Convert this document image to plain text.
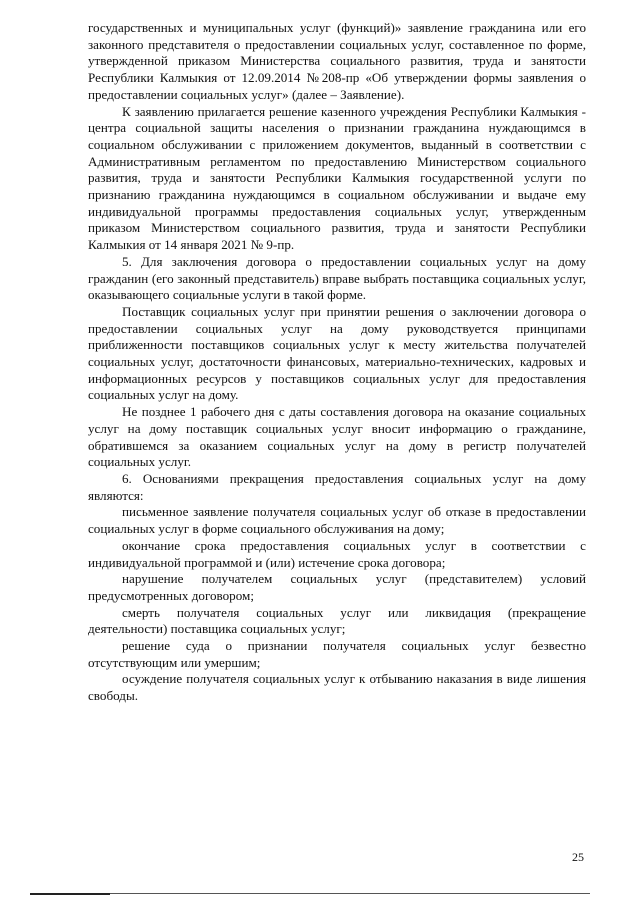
государственных и муниципальных услуг (функций)» заявление гражданина или его законного представителя о предоставлении социальных услуг, составленное по форме, утвержденной приказом Министерства социального развития, труда и занятости Республики Калмыкия от 12.09.2014 №208-пр «Об утверждении формы заявления о предоставлении социальных услуг» (далее – Заявление).

К заявлению прилагается решение казенного учреждения Республики Калмыкия - центра социальной защиты населения о признании гражданина нуждающимся в социальном обслуживании с приложением документов, выданный в соответствии с Административным регламентом по предоставлению Министерством социального развития, труда и занятости Республики Калмыкия государственной услуги по признанию гражданина нуждающимся в социальном обслуживании и выдаче ему индивидуальной программы предоставления социальных услуг, утвержденным приказом Министерством социального развития, труда и занятости Республики Калмыкия от 14 января 2021 № 9-пр.

5. Для заключения договора о предоставлении социальных услуг на дому гражданин (его законный представитель) вправе выбрать поставщика социальных услуг, оказывающего социальные услуги в такой форме.

Поставщик социальных услуг при принятии решения о заключении договора о предоставлении социальных услуг на дому руководствуется принципами приближенности поставщиков социальных услуг к месту жительства получателей социальных услуг, достаточности финансовых, материально-технических, кадровых и информационных ресурсов у поставщиков социальных услуг для предоставления социальных услуг на дому.

Не позднее 1 рабочего дня с даты составления договора на оказание социальных услуг на дому поставщик социальных услуг вносит информацию о гражданине, обратившемся за оказанием социальных услуг на дому в регистр получателей социальных услуг.

6. Основаниями прекращения предоставления социальных услуг на дому являются:

письменное заявление получателя социальных услуг об отказе в предоставлении социальных услуг в форме социального обслуживания на дому;

окончание срока предоставления социальных услуг в соответствии с индивидуальной программой и (или) истечение срока договора;

нарушение получателем социальных услуг (представителем) условий предусмотренных договором;

смерть получателя социальных услуг или ликвидация (прекращение деятельности) поставщика социальных услуг;

решение суда о признании получателя социальных услуг безвестно отсутствующим или умершим;

осуждение получателя социальных услуг к отбыванию наказания в виде лишения свободы.

25
